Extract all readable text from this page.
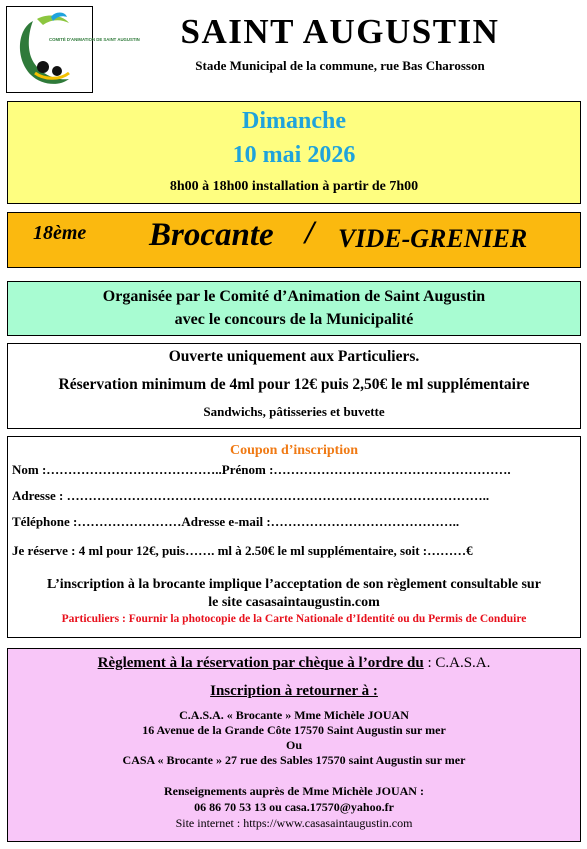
COMITÉ D'ANIMATION DE SAINT AUGUSTIN	SAINT AUGUSTIN
Stade Municipal de la commune, rue Bas Charosson
Dimanche
10 mai 2026
8h00 à 18h00 installation à partir de 7h00
18ème Brocante / VIDE-GRENIER
Organisée par le Comité d’Animation de Saint Augustin
avec le concours de la Municipalité
Ouverte uniquement aux Particuliers.
Réservation minimum de 4ml pour 12€ puis 2,50€ le ml supplémentaire
Sandwichs, pâtisseries et buvette
Coupon d’inscription
Nom :…………………………………..Prénom :……………………………………………….
Adresse : ……………………………………………………………………………………..
Téléphone :……………………Adresse e-mail :……………………………………..
Je réserve : 4 ml pour 12€, puis……. ml à 2.50€ le ml supplémentaire, soit :………€
L’inscription à la brocante implique l’acceptation de son règlement consultable sur
le site casasaintaugustin.com
Particuliers : Fournir la photocopie de la Carte Nationale d’Identité ou du Permis de Conduire
Règlement à la réservation par chèque à l’ordre du : C.A.S.A.
Inscription à retourner à :
C.A.S.A. « Brocante » Mme Michèle JOUAN
16 Avenue de la Grande Côte 17570 Saint Augustin sur mer
Ou
CASA « Brocante » 27 rue des Sables 17570 saint Augustin sur mer
Renseignements auprès de Mme Michèle JOUAN :
06 86 70 53 13 ou casa.17570@yahoo.fr
Site internet : https://www.casasaintaugustin.com
